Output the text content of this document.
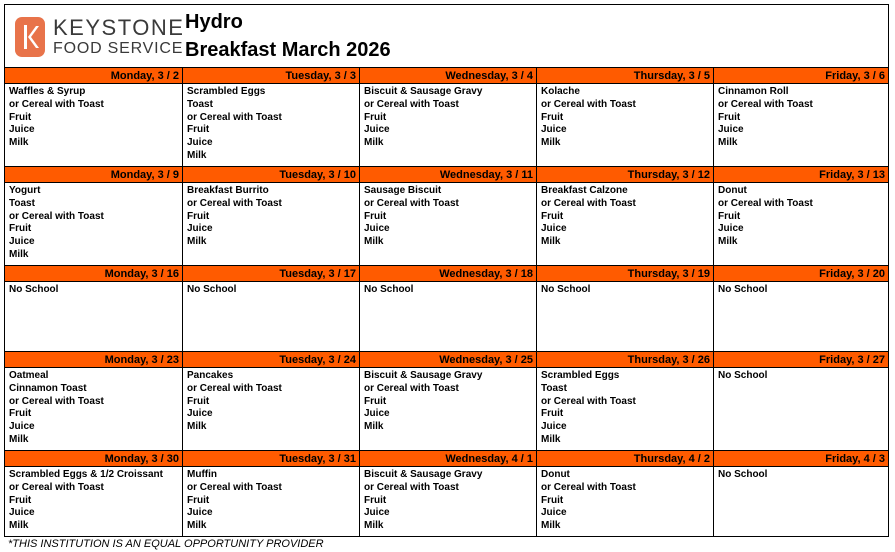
KEYSTONE
FOOD SERVICE
Hydro
Breakfast March 2026
Monday, 3 / 2
Waffles & Syrup
or Cereal with Toast
Fruit
Juice
Milk
Tuesday, 3 / 3
Scrambled Eggs
Toast
or Cereal with Toast
Fruit
Juice
Milk
Wednesday, 3 / 4
Biscuit & Sausage Gravy
or Cereal with Toast
Fruit
Juice
Milk
Thursday, 3 / 5
Kolache
or Cereal with Toast
Fruit
Juice
Milk
Friday, 3 / 6
Cinnamon Roll
or Cereal with Toast
Fruit
Juice
Milk
Monday, 3 / 9
Yogurt
Toast
or Cereal with Toast
Fruit
Juice
Milk
Tuesday, 3 / 10
Breakfast Burrito
or Cereal with Toast
Fruit
Juice
Milk
Wednesday, 3 / 11
Sausage Biscuit
or Cereal with Toast
Fruit
Juice
Milk
Thursday, 3 / 12
Breakfast Calzone
or Cereal with Toast
Fruit
Juice
Milk
Friday, 3 / 13
Donut
or Cereal with Toast
Fruit
Juice
Milk
Monday, 3 / 16
No School
Tuesday, 3 / 17
No School
Wednesday, 3 / 18
No School
Thursday, 3 / 19
No School
Friday, 3 / 20
No School
Monday, 3 / 23
Oatmeal
Cinnamon Toast
or Cereal with Toast
Fruit
Juice
Milk
Tuesday, 3 / 24
Pancakes
or Cereal with Toast
Fruit
Juice
Milk
Wednesday, 3 / 25
Biscuit & Sausage Gravy
or Cereal with Toast
Fruit
Juice
Milk
Thursday, 3 / 26
Scrambled Eggs
Toast
or Cereal with Toast
Fruit
Juice
Milk
Friday, 3 / 27
No School
Monday, 3 / 30
Scrambled Eggs & 1/2 Croissant
or Cereal with Toast
Fruit
Juice
Milk
Tuesday, 3 / 31
Muffin
or Cereal with Toast
Fruit
Juice
Milk
Wednesday, 4 / 1
Biscuit & Sausage Gravy
or Cereal with Toast
Fruit
Juice
Milk
Thursday, 4 / 2
Donut
or Cereal with Toast
Fruit
Juice
Milk
Friday, 4 / 3
No School
*THIS INSTITUTION IS AN EQUAL OPPORTUNITY PROVIDER
